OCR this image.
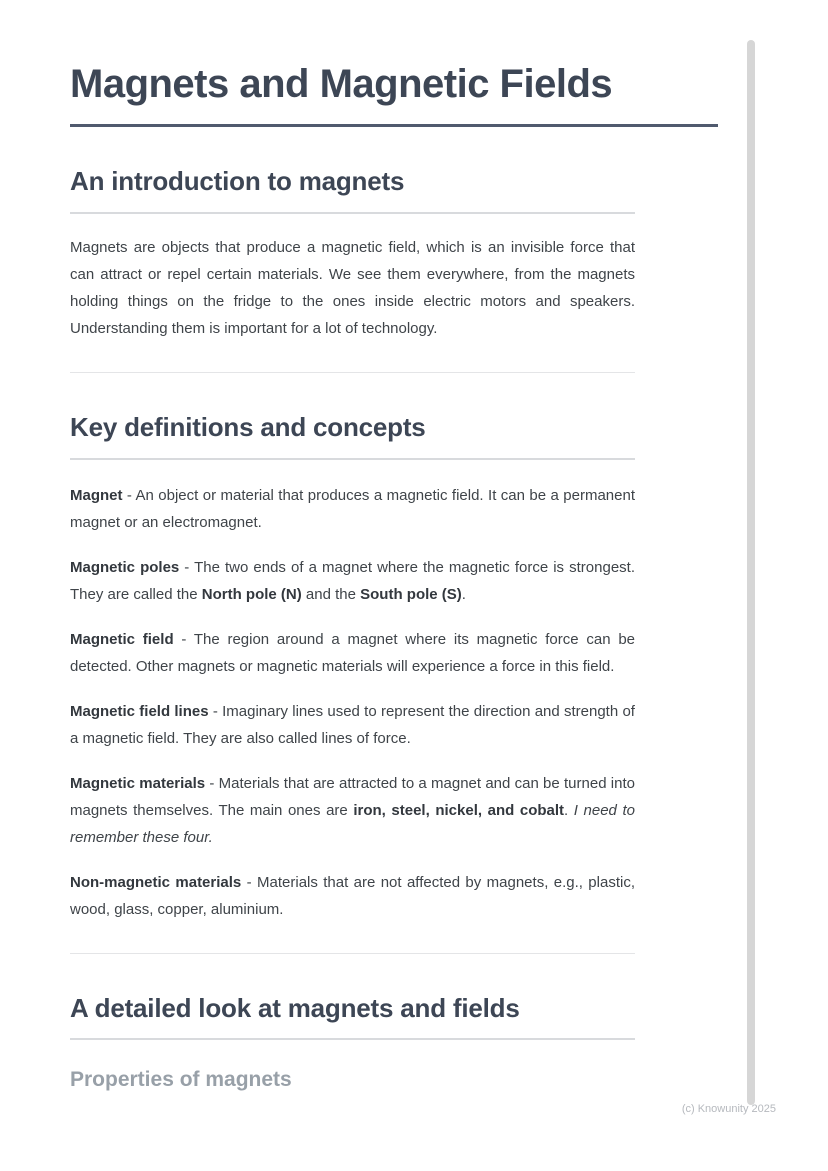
Magnets and Magnetic Fields
An introduction to magnets

Magnets are objects that produce a magnetic field, which is an invisible force that can attract or repel certain materials. We see them everywhere, from the magnets holding things on the fridge to the ones inside electric motors and speakers. Understanding them is important for a lot of technology.

Key definitions and concepts

Magnet - An object or material that produces a magnetic field. It can be a permanent magnet or an electromagnet.

Magnetic poles - The two ends of a magnet where the magnetic force is strongest. They are called the North pole (N) and the South pole (S).

Magnetic field - The region around a magnet where its magnetic force can be detected. Other magnets or magnetic materials will experience a force in this field.

Magnetic field lines - Imaginary lines used to represent the direction and strength of a magnetic field. They are also called lines of force.

Magnetic materials - Materials that are attracted to a magnet and can be turned into magnets themselves. The main ones are iron, steel, nickel, and cobalt. I need to remember these four.

Non-magnetic materials - Materials that are not affected by magnets, e.g., plastic, wood, glass, copper, aluminium.

A detailed look at magnets and fields
Properties of magnets
(c) Knowunity 2025
